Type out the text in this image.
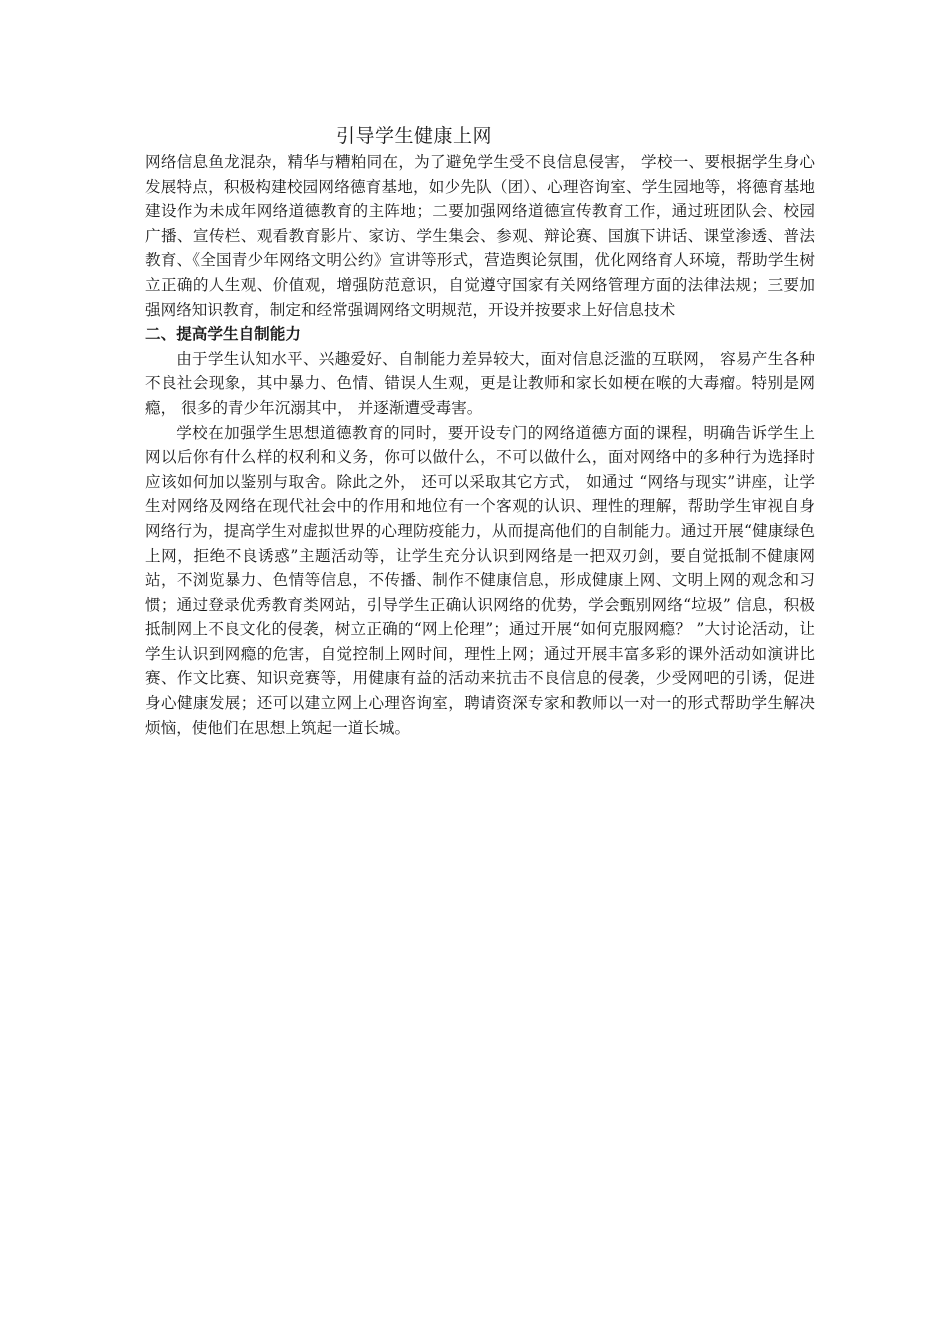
引导学生健康上网

网络信息鱼龙混杂，精华与糟粕同在，为了避免学生受不良信息侵害， 学校一、要根据学生身心发展特点，积极构建校园网络德育基地，如少先队（团）、心理咨询室、学生园地等，将德育基地建设作为未成年网络道德教育的主阵地；二要加强网络道德宣传教育工作，通过班团队会、校园广播、宣传栏、观看教育影片、家访、学生集会、参观、辩论赛、国旗下讲话、课堂渗透、普法教育、《全国青少年网络文明公约》宣讲等形式，营造舆论氛围，优化网络育人环境，帮助学生树立正确的人生观、价值观，增强防范意识，自觉遵守国家有关网络管理方面的法律法规；三要加强网络知识教育，制定和经常强调网络文明规范，开设并按要求上好信息技术

二、提高学生自制能力

由于学生认知水平、兴趣爱好、自制能力差异较大，面对信息泛滥的互联网， 容易产生各种不良社会现象，其中暴力、色情、错误人生观，更是让教师和家长如梗在喉的大毒瘤。特别是网瘾， 很多的青少年沉溺其中， 并逐渐遭受毒害。

学校在加强学生思想道德教育的同时，要开设专门的网络道德方面的课程，明确告诉学生上网以后你有什么样的权利和义务，你可以做什么，不可以做什么，面对网络中的多种行为选择时应该如何加以鉴别与取舍。除此之外， 还可以采取其它方式， 如通过 “网络与现实”讲座，让学生对网络及网络在现代社会中的作用和地位有一个客观的认识、理性的理解，帮助学生审视自身网络行为，提高学生对虚拟世界的心理防疫能力，从而提高他们的自制能力。通过开展“健康绿色上网，拒绝不良诱惑”主题活动等，让学生充分认识到网络是一把双刃剑，要自觉抵制不健康网站，不浏览暴力、色情等信息，不传播、制作不健康信息，形成健康上网、文明上网的观念和习惯；通过登录优秀教育类网站，引导学生正确认识网络的优势，学会甄别网络“垃圾” 信息，积极抵制网上不良文化的侵袭，树立正确的“网上伦理”；通过开展“如何克服网瘾？ ”大讨论活动，让学生认识到网瘾的危害，自觉控制上网时间，理性上网；通过开展丰富多彩的课外活动如演讲比赛、作文比赛、知识竞赛等，用健康有益的活动来抗击不良信息的侵袭，少受网吧的引诱，促进身心健康发展；还可以建立网上心理咨询室，聘请资深专家和教师以一对一的形式帮助学生解决烦恼，使他们在思想上筑起一道长城。
